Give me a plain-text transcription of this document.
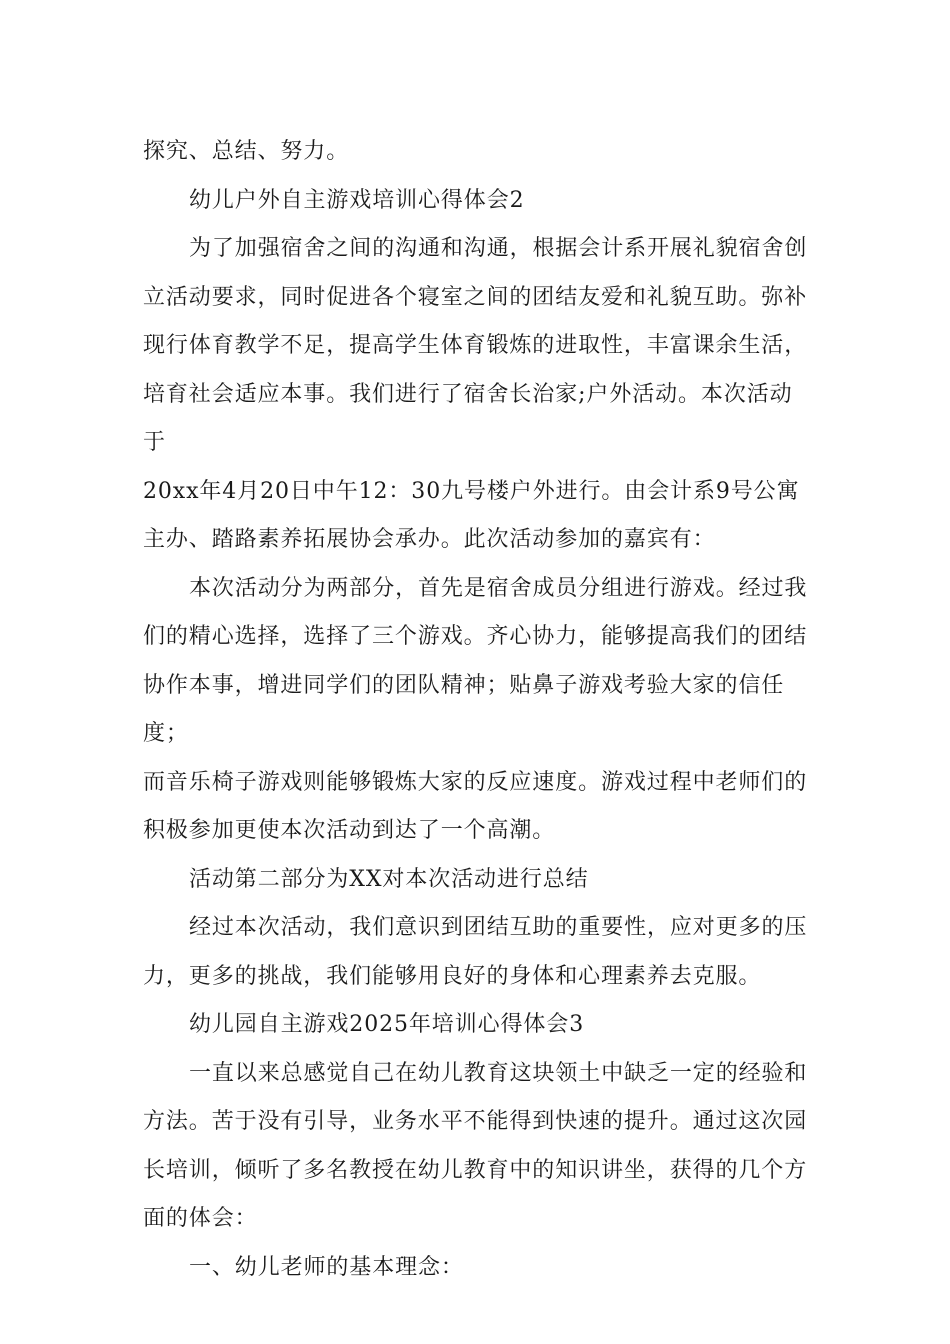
探究、总结、努力。
幼儿户外自主游戏培训心得体会2
为了加强宿舍之间的沟通和沟通，根据会计系开展礼貌宿舍创
立活动要求，同时促进各个寝室之间的团结友爱和礼貌互助。弥补
现行体育教学不足，提高学生体育锻炼的进取性，丰富课余生活，
培育社会适应本事。我们进行了宿舍长治家;户外活动。本次活动于
20xx年4月20日中午12：30九号楼户外进行。由会计系9号公寓
主办、踏路素养拓展协会承办。此次活动参加的嘉宾有：
本次活动分为两部分，首先是宿舍成员分组进行游戏。经过我
们的精心选择，选择了三个游戏。齐心协力，能够提高我们的团结
协作本事，增进同学们的团队精神；贴鼻子游戏考验大家的信任度；
而音乐椅子游戏则能够锻炼大家的反应速度。游戏过程中老师们的
积极参加更使本次活动到达了一个高潮。
活动第二部分为XX对本次活动进行总结
经过本次活动，我们意识到团结互助的重要性，应对更多的压
力，更多的挑战，我们能够用良好的身体和心理素养去克服。
幼儿园自主游戏2025年培训心得体会3
一直以来总感觉自己在幼儿教育这块领土中缺乏一定的经验和
方法。苦于没有引导，业务水平不能得到快速的提升。通过这次园
长培训，倾听了多名教授在幼儿教育中的知识讲坐，获得的几个方
面的体会：
一、幼儿老师的基本理念：
